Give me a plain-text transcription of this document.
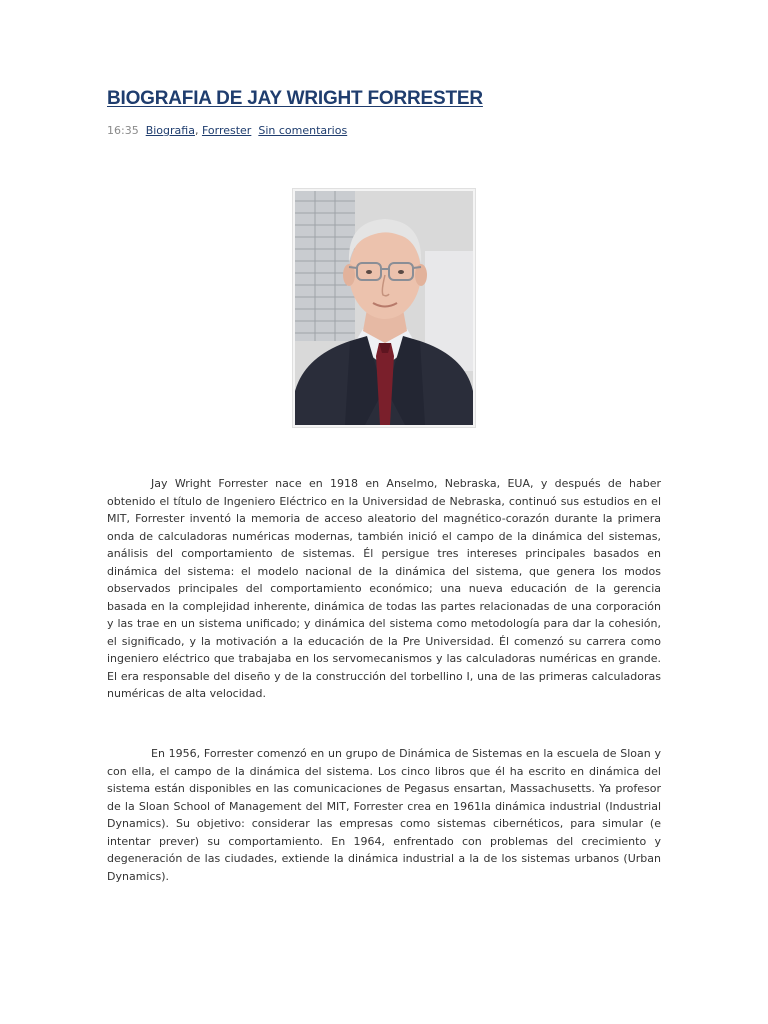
BIOGRAFIA DE JAY WRIGHT FORRESTER
16:35 Biografia, Forrester Sin comentarios

Jay Wright Forrester nace en 1918 en Anselmo, Nebraska, EUA, y después de haber obtenido el título de Ingeniero Eléctrico en la Universidad de Nebraska, continuó sus estudios en el MIT, Forrester inventó la memoria de acceso aleatorio del magnético-corazón durante la primera onda de calculadoras numéricas modernas, también inició el campo de la dinámica del sistemas, análisis del comportamiento de sistemas. Él persigue tres intereses principales basados en dinámica del sistema: el modelo nacional de la dinámica del sistema, que genera los modos observados principales del comportamiento económico; una nueva educación de la gerencia basada en la complejidad inherente, dinámica de todas las partes relacionadas de una corporación y las trae en un sistema unificado; y dinámica del sistema como metodología para dar la cohesión, el significado, y la motivación a la educación de la Pre Universidad. Él comenzó su carrera como ingeniero eléctrico que trabajaba en los servomecanismos y las calculadoras numéricas en grande. El era responsable del diseño y de la construcción del torbellino I, una de las primeras calculadoras numéricas de alta velocidad.

En 1956, Forrester comenzó en un grupo de Dinámica de Sistemas en la escuela de Sloan y con ella, el campo de la dinámica del sistema. Los cinco libros que él ha escrito en dinámica del sistema están disponibles en las comunicaciones de Pegasus ensartan, Massachusetts. Ya profesor de la Sloan School of Management del MIT, Forrester crea en 1961la dinámica industrial (Industrial Dynamics). Su objetivo: considerar las empresas como sistemas cibernéticos, para simular (e intentar prever) su comportamiento. En 1964, enfrentado con problemas del crecimiento y degeneración de las ciudades, extiende la dinámica industrial a la de los sistemas urbanos (Urban Dynamics).
